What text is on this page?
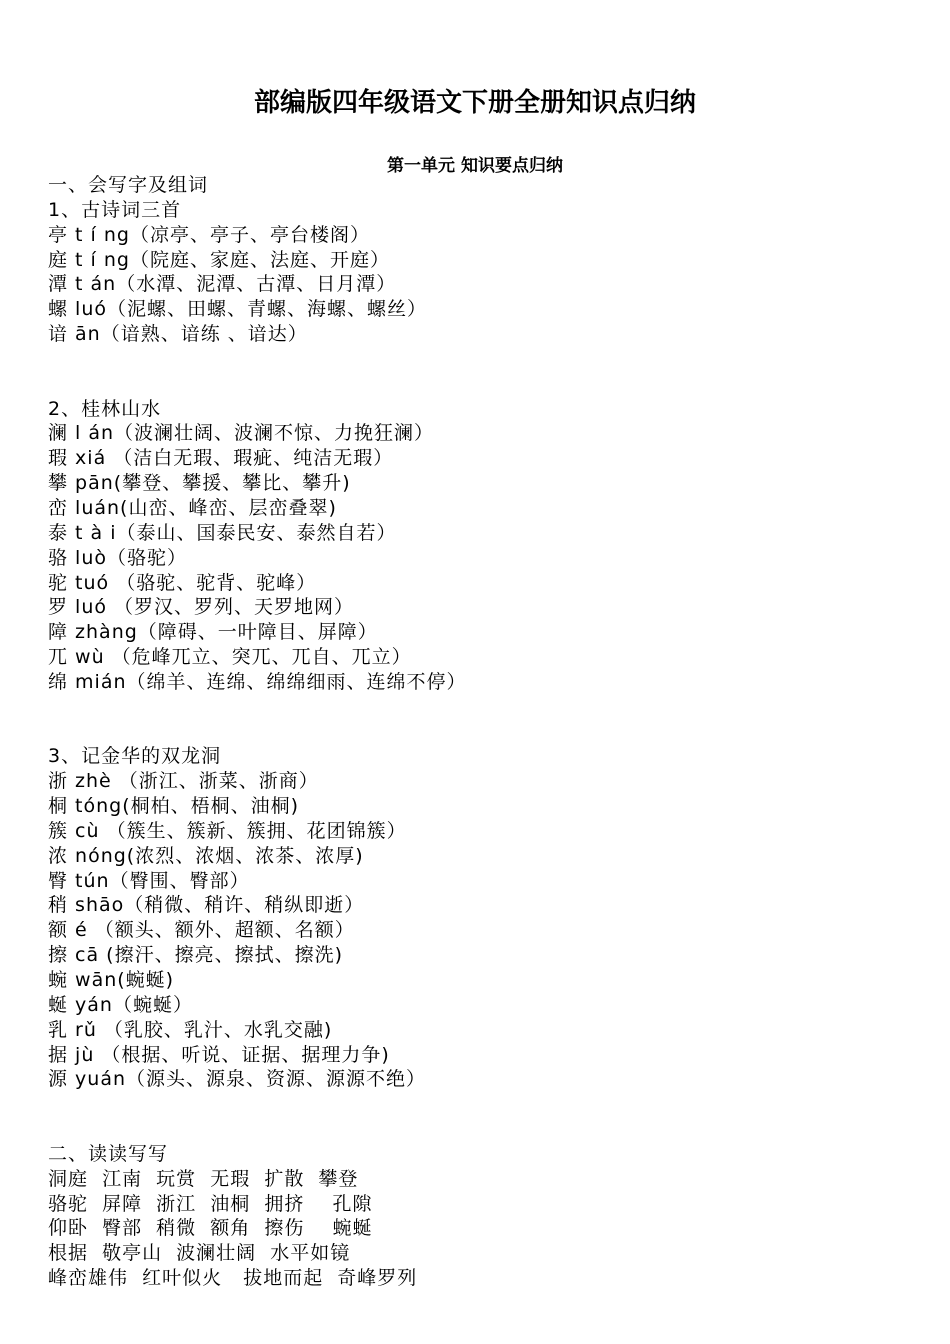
部编版四年级语文下册全册知识点归纳
第一单元 知识要点归纳
一、会写字及组词
1、古诗词三首
亭 t í ng（凉亭、亭子、亭台楼阁）
庭 t í ng（院庭、家庭、法庭、开庭）
潭 t án（水潭、泥潭、古潭、日月潭）
螺 luó（泥螺、田螺、青螺、海螺、螺丝）
谙 ān（谙熟、谙练 、谙达）
2、桂林山水
澜 l án（波澜壮阔、波澜不惊、力挽狂澜）
瑕 xiá （洁白无瑕、瑕疵、纯洁无瑕）
攀 pān(攀登、攀援、攀比、攀升)
峦 luán(山峦、峰峦、层峦叠翠)
泰 t à i（泰山、国泰民安、泰然自若）
骆 luò（骆驼）
驼 tuó （骆驼、驼背、驼峰）
罗 luó （罗汉、罗列、天罗地网）
障 zhàng（障碍、一叶障目、屏障）
兀 wù （危峰兀立、突兀、兀自、兀立）
绵 mián（绵羊、连绵、绵绵细雨、连绵不停）
3、记金华的双龙洞
浙 zhè （浙江、浙菜、浙商）
桐 tóng(桐柏、梧桐、油桐)
簇 cù （簇生、簇新、簇拥、花团锦簇）
浓 nóng(浓烈、浓烟、浓茶、浓厚)
臀 tún（臀围、臀部）
稍 shāo（稍微、稍许、稍纵即逝）
额 é （额头、额外、超额、名额）
擦 cā (擦汗、擦亮、擦拭、擦洗)
蜿 wān(蜿蜒)
蜒 yán（蜿蜒）
乳 rǔ （乳胶、乳汁、水乳交融)
据 jù （根据、听说、证据、据理力争)
源 yuán（源头、源泉、资源、源源不绝）
二、读读写写
洞庭  江南  玩赏  无瑕  扩散  攀登
骆驼  屏障  浙江  油桐  拥挤    孔隙
仰卧  臀部  稍微  额角  擦伤    蜿蜒
根据  敬亭山  波澜壮阔  水平如镜
峰峦雄伟  红叶似火   拔地而起  奇峰罗列
